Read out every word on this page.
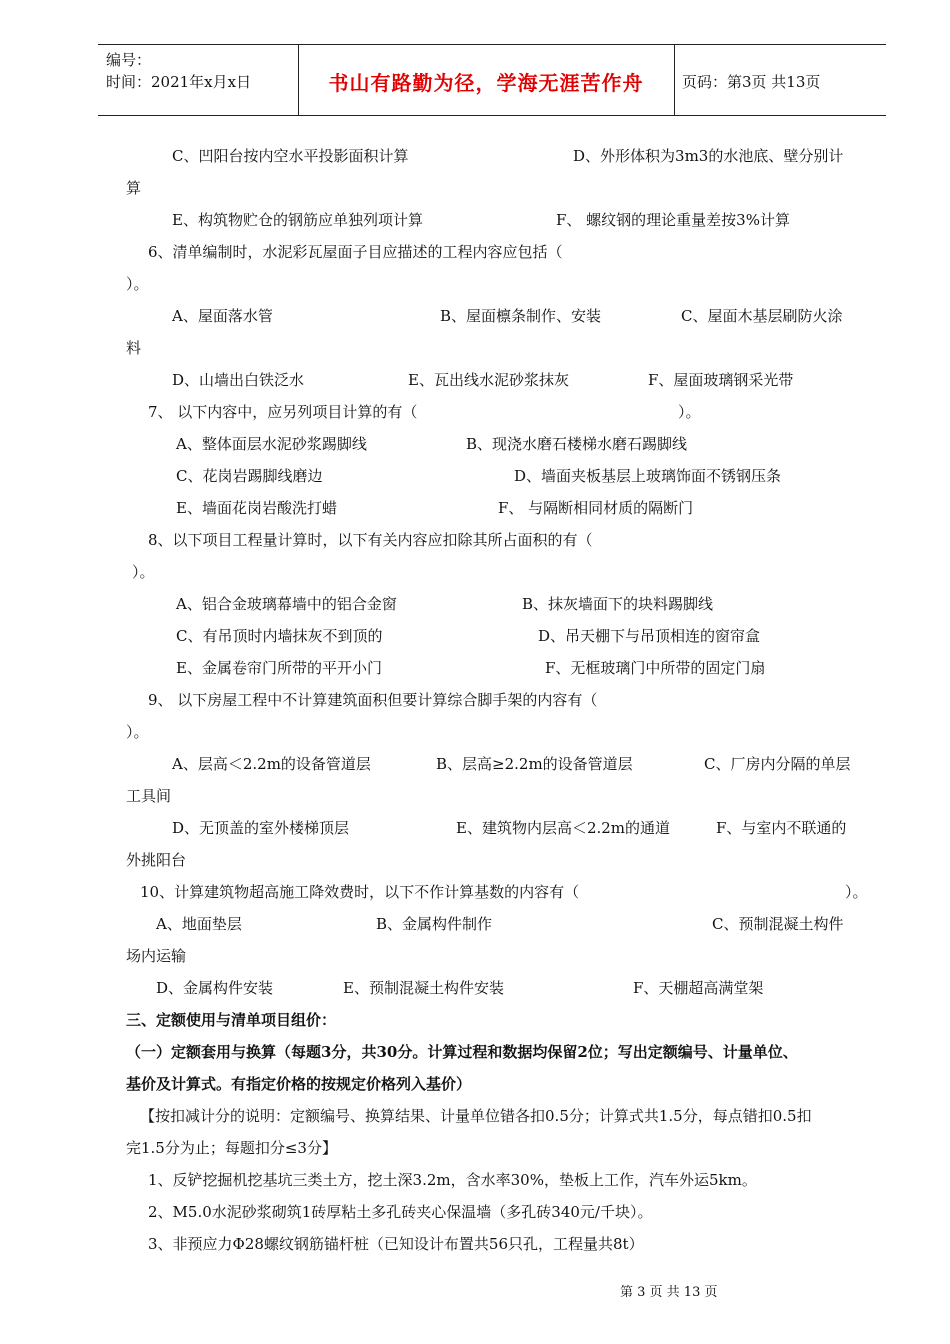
编号：
时间：2021年x月x日	书山有路勤为径，学海无涯苦作舟	页码：第3页 共13页
C、凹阳台按内空水平投影面积计算	D、外形体积为3m3的水池底、壁分别计
算
E、构筑物贮仓的钢筋应单独列项计算	F、 螺纹钢的理论重量差按3%计算
6、清单编制时，水泥彩瓦屋面子目应描述的工程内容应包括（
）。
A、屋面落水管	B、屋面檩条制作、安装	C、屋面木基层刷防火涂
料
D、山墙出白铁泛水	E、瓦出线水泥砂浆抹灰	F、屋面玻璃钢采光带
7、 以下内容中，应另列项目计算的有（	）。
A、整体面层水泥砂浆踢脚线	B、现浇水磨石楼梯水磨石踢脚线
C、花岗岩踢脚线磨边	D、墙面夹板基层上玻璃饰面不锈钢压条
E、墙面花岗岩酸洗打蜡	F、 与隔断相同材质的隔断门
8、以下项目工程量计算时，以下有关内容应扣除其所占面积的有（
）。
A、铝合金玻璃幕墙中的铝合金窗	B、抹灰墙面下的块料踢脚线
C、有吊顶时内墙抹灰不到顶的	D、吊天棚下与吊顶相连的窗帘盒
E、金属卷帘门所带的平开小门	F、无框玻璃门中所带的固定门扇
9、 以下房屋工程中不计算建筑面积但要计算综合脚手架的内容有（
）。
A、层高＜2.2m的设备管道层	B、层高≥2.2m的设备管道层	C、厂房内分隔的单层
工具间
D、无顶盖的室外楼梯顶层	E、建筑物内层高＜2.2m的通道	F、与室内不联通的
外挑阳台
10、计算建筑物超高施工降效费时，以下不作计算基数的内容有（	）。
A、地面垫层	B、金属构件制作	C、预制混凝土构件
场内运输
D、金属构件安装	E、预制混凝土构件安装	F、天棚超高满堂架
三、定额使用与清单项目组价：
（一）定额套用与换算（每题3分，共30分。计算过程和数据均保留2位；写出定额编号、计量单位、
基价及计算式。有指定价格的按规定价格列入基价）
【按扣减计分的说明：定额编号、换算结果、计量单位错各扣0.5分；计算式共1.5分，每点错扣0.5扣
完1.5分为止；每题扣分≤3分】
1、反铲挖掘机挖基坑三类土方，挖土深3.2m，含水率30%，垫板上工作，汽车外运5km。
2、M5.0水泥砂浆砌筑1砖厚粘土多孔砖夹心保温墙（多孔砖340元/千块）。
3、非预应力Φ28螺纹钢筋锚杆桩（已知设计布置共56只孔，工程量共8t）
第 3 页 共 13 页
